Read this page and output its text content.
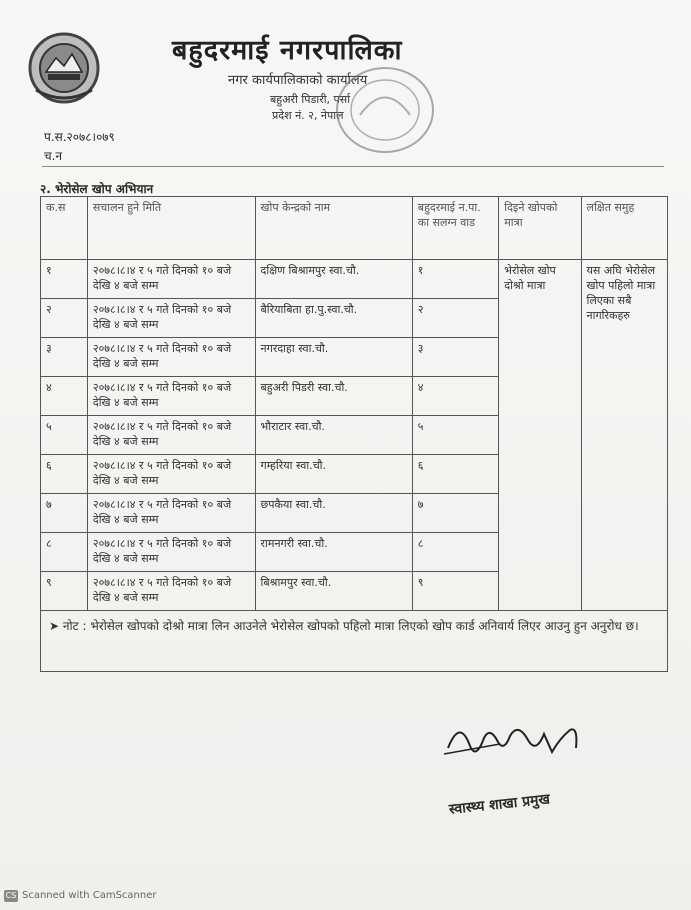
बहुदरमाई नगरपालिका
नगर कार्यपालिकाको कार्यालय
बहुअरी पिडारी, पर्सा
प्रदेश नं. २, नेपाल
प.स.२०७८।०७९
च.न
२. भेरोसेल खोप अभियान
क.स	सचालन हुने मिति	खोप केन्द्रको नाम	बहुदरमाई न.पा. का सलग्न वाड	दिइने खोपको मात्रा	लक्षित समुह
१	२०७८।८।४ र ५ गते दिनको १० बजे देखि ४ बजे सम्म	दक्षिण बिश्रामपुर स्वा.चौ.	१	भेरोसेल खोप दोश्रो मात्रा	यस अघि भेरोसेल खोप पहिलो मात्रा लिएका सबै नागरिकहरु
२	२०७८।८।४ र ५ गते दिनको १० बजे देखि ४ बजे सम्म	बैरियाबिता हा.पु.स्वा.चौ.	२		
३	२०७८।८।४ र ५ गते दिनको १० बजे देखि ४ बजे सम्म	नगरदाहा स्वा.चौ.	३		
४	२०७८।८।४ र ५ गते दिनको १० बजे देखि ४ बजे सम्म	बहुअरी पिडरी स्वा.चौ.	४		
५	२०७८।८।४ र ५ गते दिनको १० बजे देखि ४ बजे सम्म	भौराटार स्वा.चौ.	५		
६	२०७८।८।४ र ५ गते दिनको १० बजे देखि ४ बजे सम्म	गम्हरिया स्वा.चौ.	६		
७	२०७८।८।४ र ५ गते दिनको १० बजे देखि ४ बजे सम्म	छपकैया स्वा.चौ.	७		
८	२०७८।८।४ र ५ गते दिनको १० बजे देखि ४ बजे सम्म	रामनगरी स्वा.चौ.	८		
९	२०७८।८।४ र ५ गते दिनको १० बजे देखि ४ बजे सम्म	बिश्रामपुर स्वा.चौ.	९		
➤ नोट : भेरोसेल खोपको दोश्रो मात्रा लिन आउनेले भेरोसेल खोपको पहिलो मात्रा लिएको खोप कार्ड अनिवार्य लिएर आउनु हुन अनुरोध छ।					
स्वास्थ्य शाखा प्रमुख
CS Scanned with CamScanner
